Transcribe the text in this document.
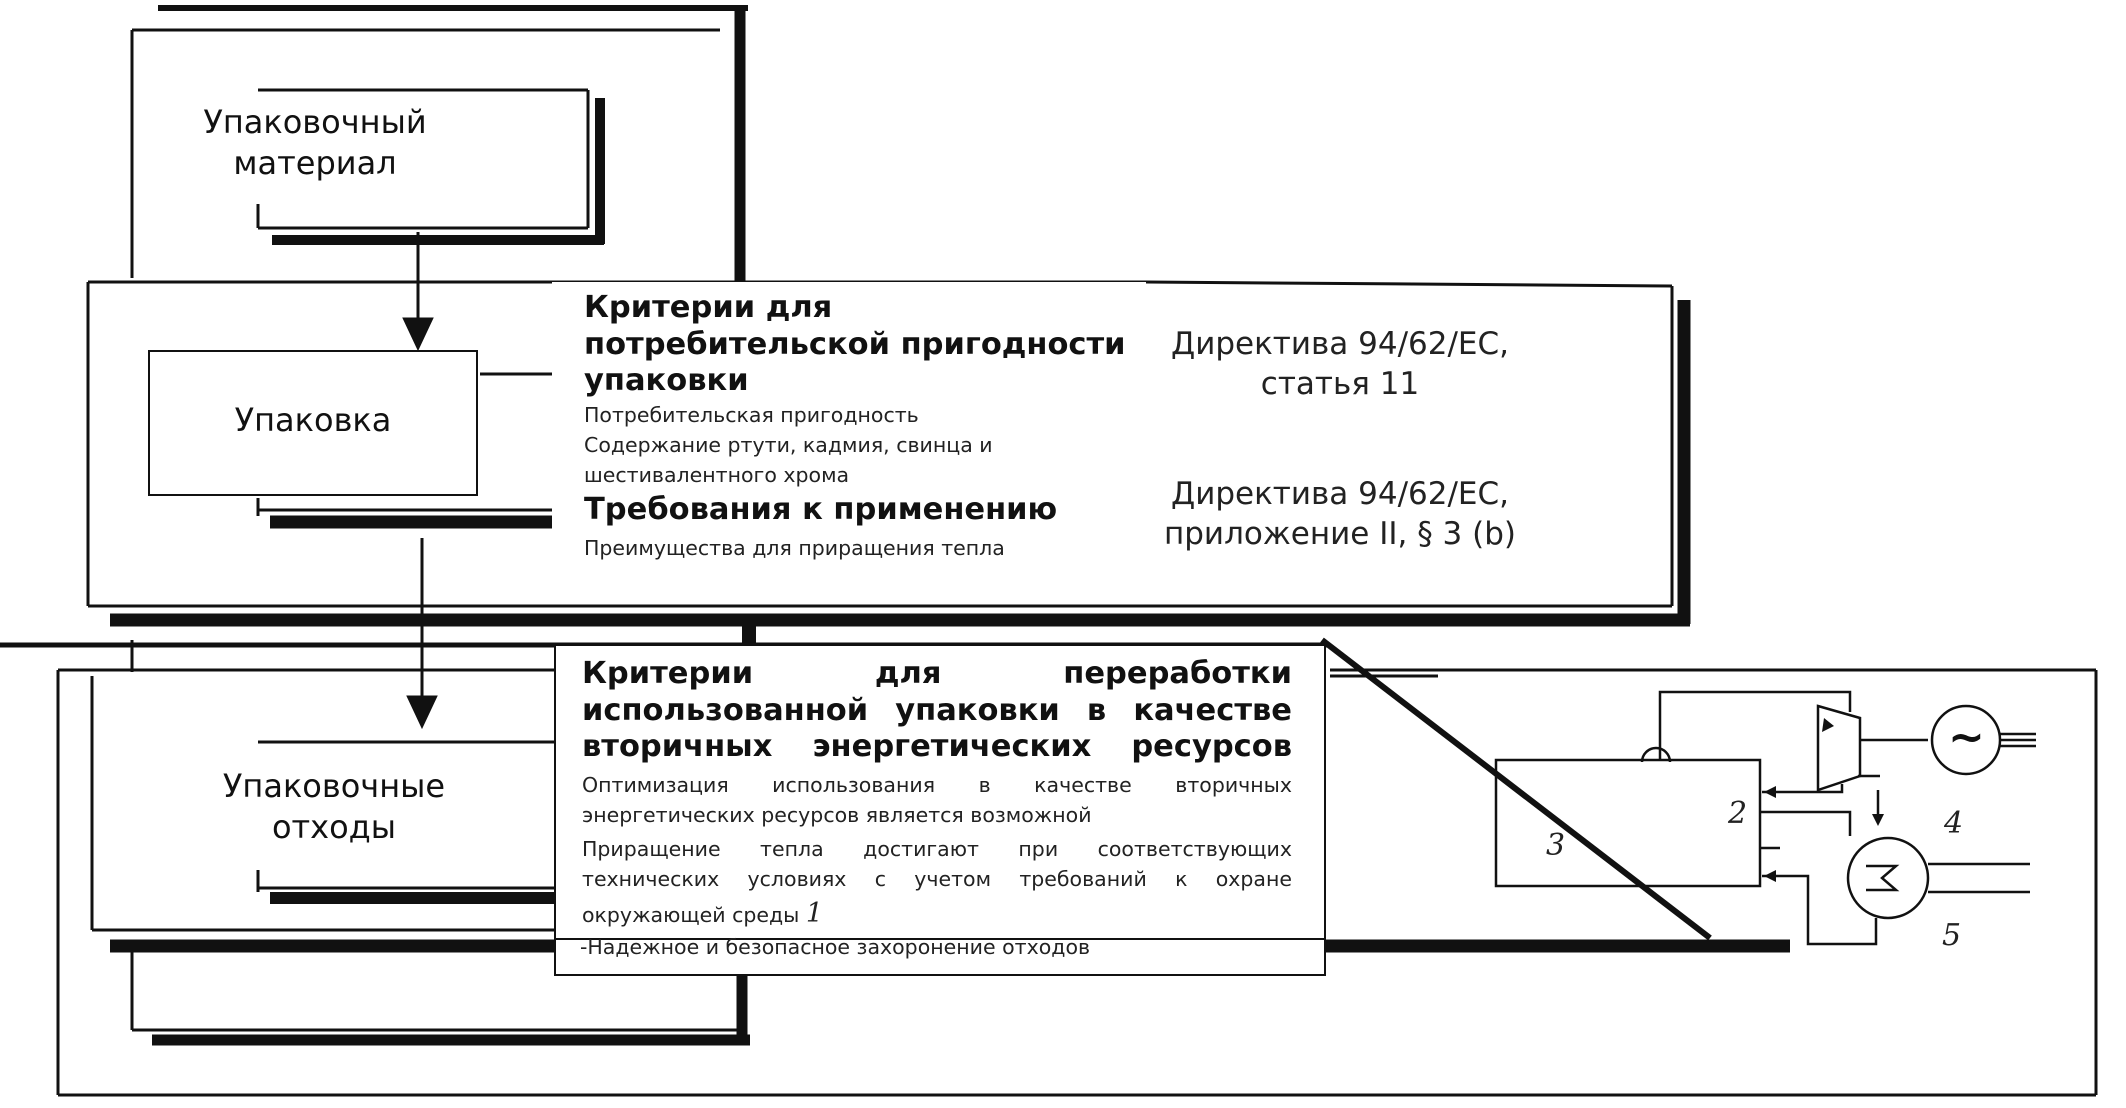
Упаковочный материал
Упаковка
Упаковочные отходы

Критерии для потребительской пригодности упаковки

Потребительская пригодность

Содержание ртути, кадмия, свинца и шестивалентного хрома

Требования к применению

Преимущества для приращения тепла

Директива 94/62/ЕС, статья 11
Директива 94/62/ЕС, приложение II, § 3 (b)

Критерии для переработки использованной упаковки в качестве вторичных энергетических ресурсов

Оптимизация использования в качестве вторичных энергетических ресурсов является возможной

Приращение тепла достигают при соответствующих технических условиях с учетом требований к охране окружающей среды 1

-Надежное и безопасное захоронение отходов

2
3
4
5
~
